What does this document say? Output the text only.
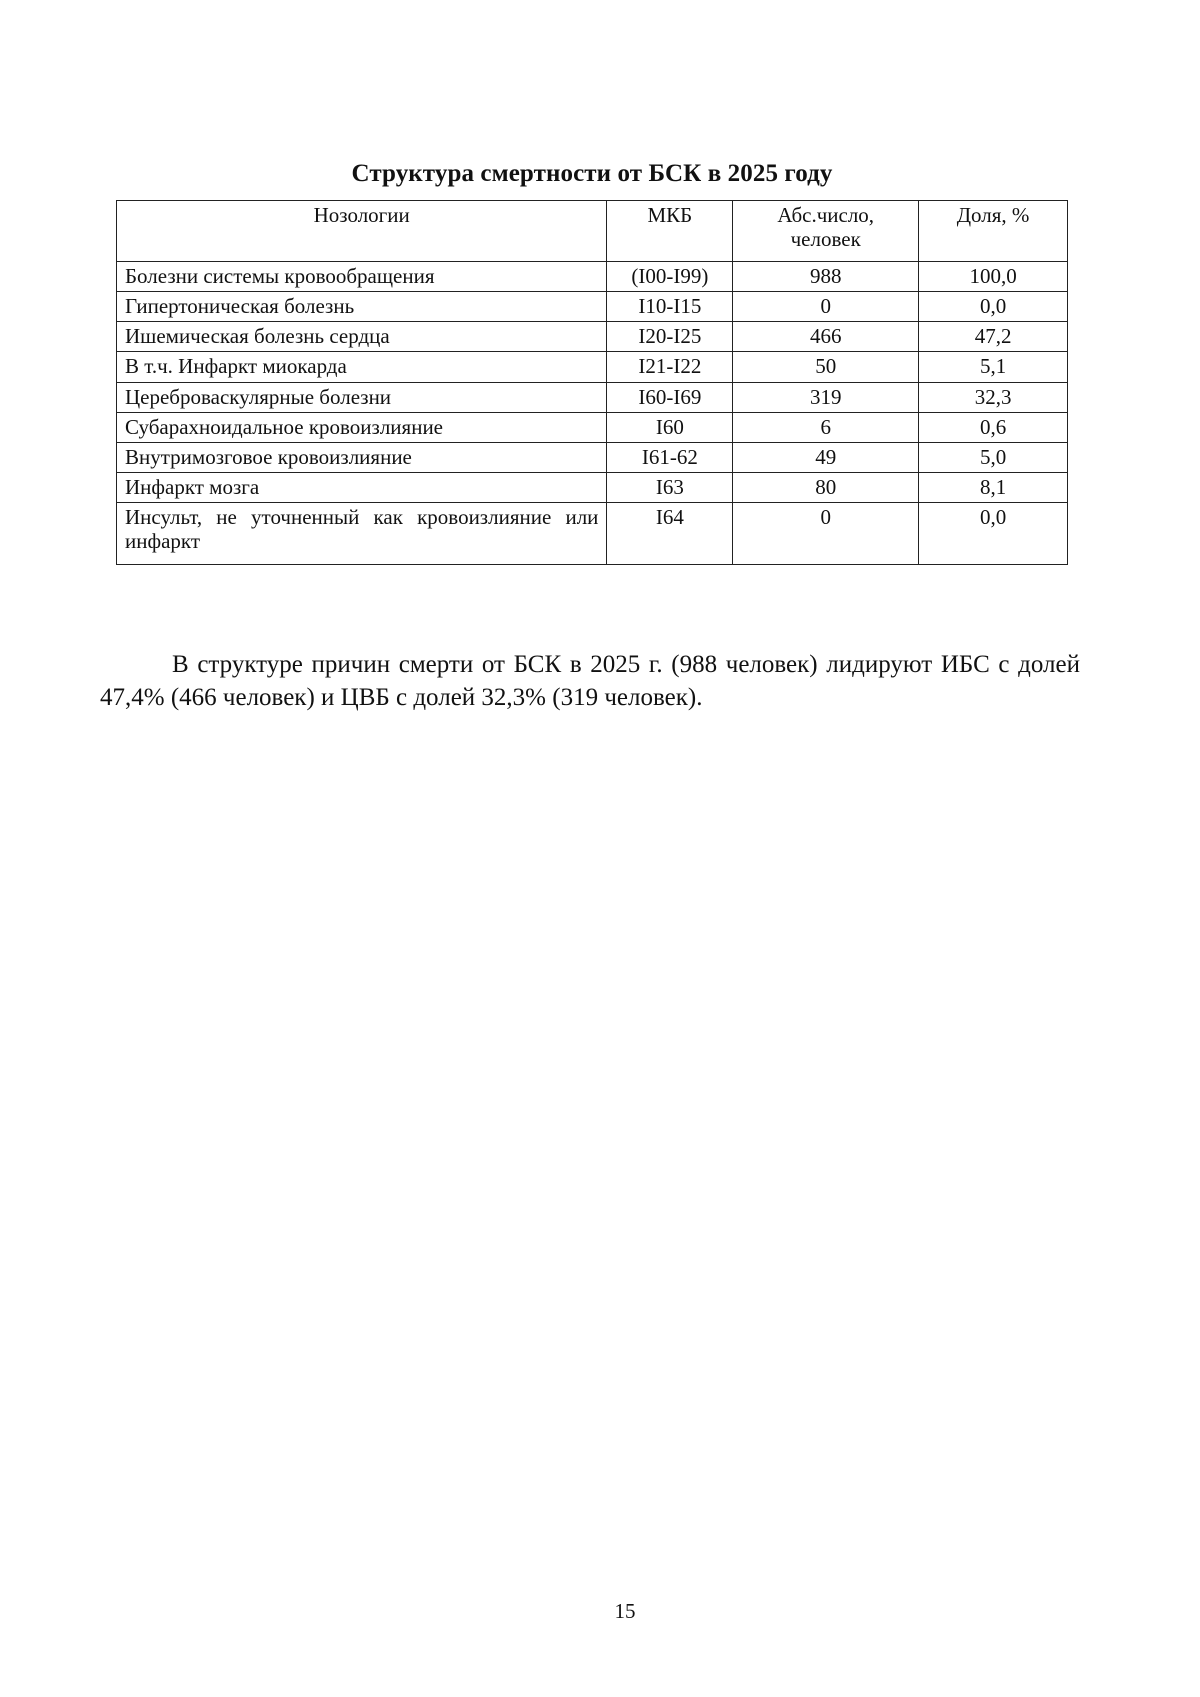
Структура смертности от БСК в 2025 году
Нозологии	МКБ	Абс.число, человек	Доля, %
Болезни системы кровообращения	(I00-I99)	988	100,0
Гипертоническая болезнь	I10-I15	0	0,0
Ишемическая болезнь сердца	I20-I25	466	47,2
В т.ч. Инфаркт миокарда	I21-I22	50	5,1
Цереброваскулярные болезни	I60-I69	319	32,3
Субарахноидальное кровоизлияние	I60	6	0,6
Внутримозговое кровоизлияние	I61-62	49	5,0
Инфаркт мозга	I63	80	8,1
Инсульт, не уточненный как кровоизлияние или инфаркт	I64	0	0,0

В структуре причин смерти от БСК в 2025 г. (988 человек) лидируют ИБС с долей 47,4% (466 человек) и ЦВБ с долей 32,3% (319 человек).

15
